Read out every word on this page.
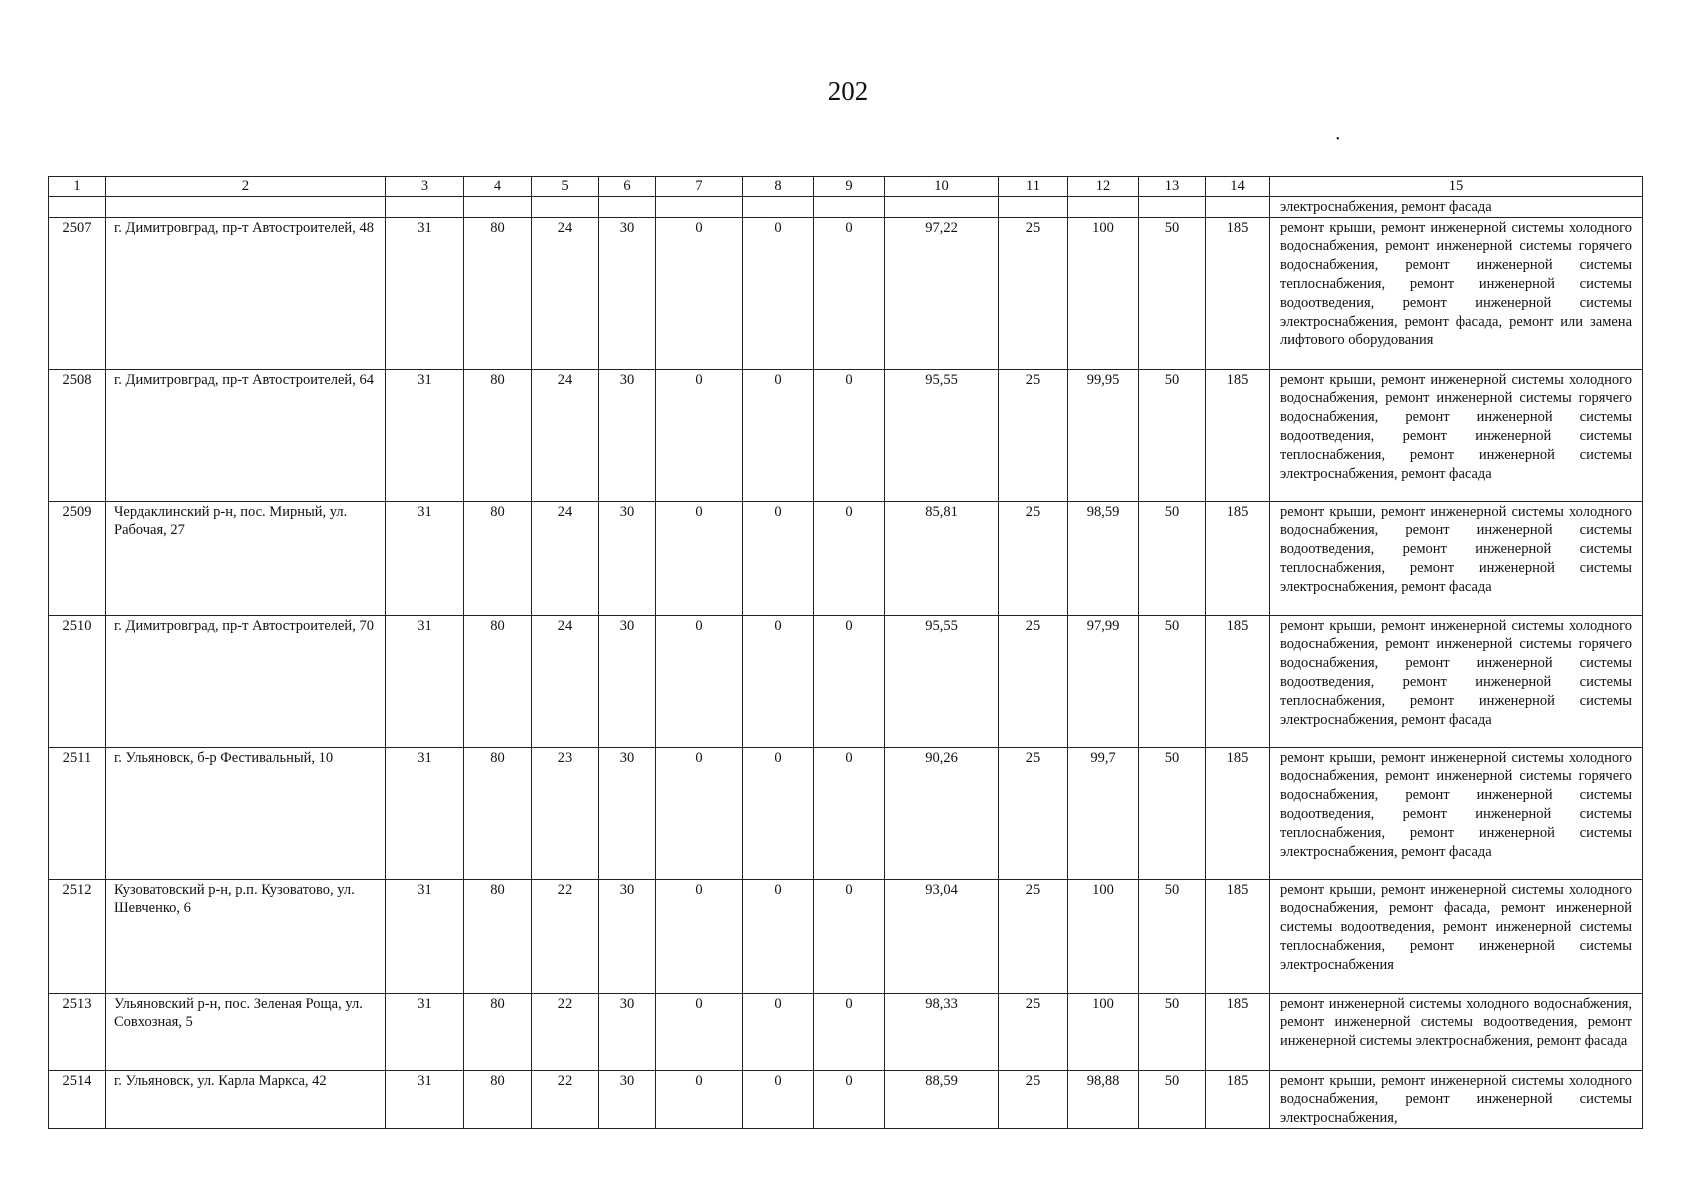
202
•
1	2	3	4	5	6	7	8	9	10	11	12	13	14	15
														электроснабжения, ремонт фасада
2507	г. Димитровград, пр-т Автостроителей, 48	31	80	24	30	0	0	0	97,22	25	100	50	185	ремонт крыши, ремонт инженерной системы холодного водоснабжения, ремонт инженерной системы горячего водоснабжения, ремонт инженерной системы теплоснабжения, ремонт инженерной системы водоотведения, ремонт инженерной системы электроснабжения, ремонт фасада, ремонт или замена лифтового оборудования
2508	г. Димитровград, пр-т Автостроителей, 64	31	80	24	30	0	0	0	95,55	25	99,95	50	185	ремонт крыши, ремонт инженерной системы холодного водоснабжения, ремонт инженерной системы горячего водоснабжения, ремонт инженерной системы водоотведения, ремонт инженерной системы теплоснабжения, ремонт инженерной системы электроснабжения, ремонт фасада
2509	Чердаклинский р-н, пос. Мирный, ул. Рабочая, 27	31	80	24	30	0	0	0	85,81	25	98,59	50	185	ремонт крыши, ремонт инженерной системы холодного водоснабжения, ремонт инженерной системы водоотведения, ремонт инженерной системы теплоснабжения, ремонт инженерной системы электроснабжения, ремонт фасада
2510	г. Димитровград, пр-т Автостроителей, 70	31	80	24	30	0	0	0	95,55	25	97,99	50	185	ремонт крыши, ремонт инженерной системы холодного водоснабжения, ремонт инженерной системы горячего водоснабжения, ремонт инженерной системы водоотведения, ремонт инженерной системы теплоснабжения, ремонт инженерной системы электроснабжения, ремонт фасада
2511	г. Ульяновск, б-р Фестивальный, 10	31	80	23	30	0	0	0	90,26	25	99,7	50	185	ремонт крыши, ремонт инженерной системы холодного водоснабжения, ремонт инженерной системы горячего водоснабжения, ремонт инженерной системы водоотведения, ремонт инженерной системы теплоснабжения, ремонт инженерной системы электроснабжения, ремонт фасада
2512	Кузоватовский р-н, р.п. Кузоватово, ул. Шевченко, 6	31	80	22	30	0	0	0	93,04	25	100	50	185	ремонт крыши, ремонт инженерной системы холодного водоснабжения, ремонт фасада, ремонт инженерной системы водоотведения, ремонт инженерной системы теплоснабжения, ремонт инженерной системы электроснабжения
2513	Ульяновский р-н, пос. Зеленая Роща, ул. Совхозная, 5	31	80	22	30	0	0	0	98,33	25	100	50	185	ремонт инженерной системы холодного водоснабжения, ремонт инженерной системы водоотведения, ремонт инженерной системы электроснабжения, ремонт фасада
2514	г. Ульяновск, ул. Карла Маркса, 42	31	80	22	30	0	0	0	88,59	25	98,88	50	185	ремонт крыши, ремонт инженерной системы холодного водоснабжения, ремонт инженерной системы электроснабжения,
